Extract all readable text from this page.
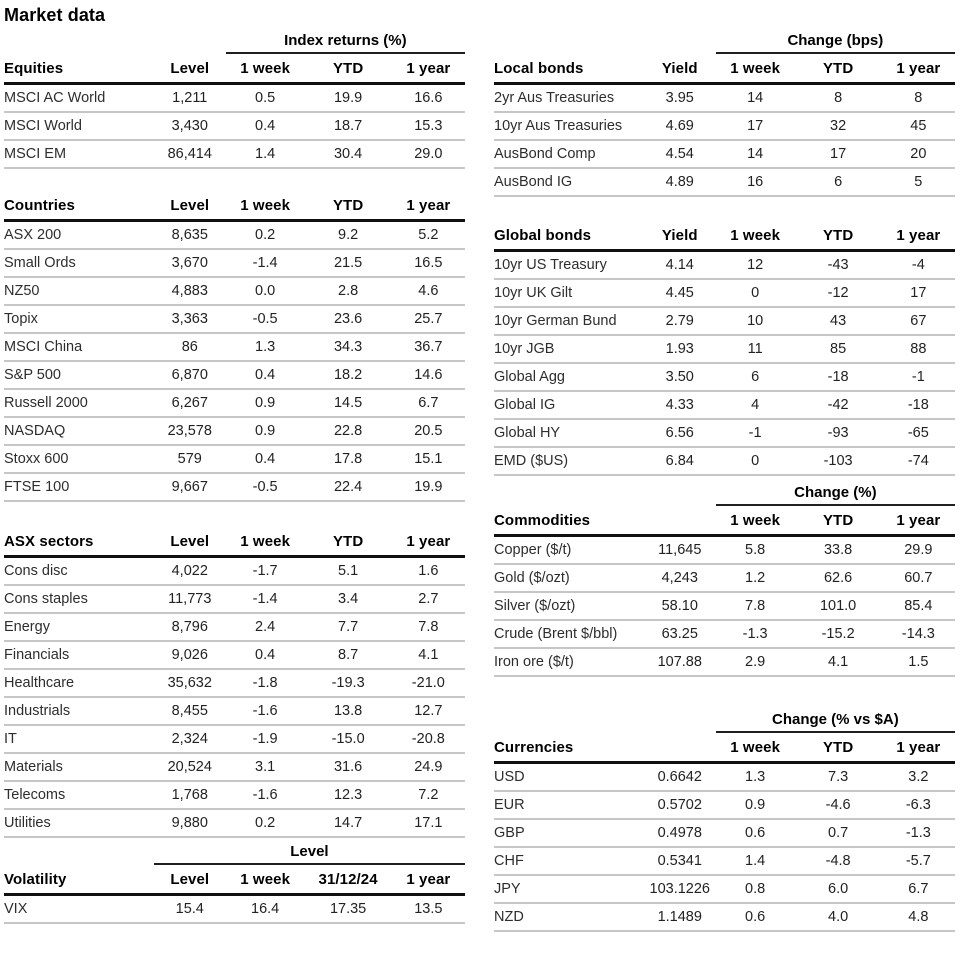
Market data
		Index returns (%)		
Equities	Level	1 week	YTD	1 year
MSCI AC World	1,211	0.5	19.9	16.6
MSCI World	3,430	0.4	18.7	15.3
MSCI EM	86,414	1.4	30.4	29.0
Countries	Level	1 week	YTD	1 year
ASX 200	8,635	0.2	9.2	5.2
Small Ords	3,670	-1.4	21.5	16.5
NZ50	4,883	0.0	2.8	4.6
Topix	3,363	-0.5	23.6	25.7
MSCI China	86	1.3	34.3	36.7
S&P 500	6,870	0.4	18.2	14.6
Russell 2000	6,267	0.9	14.5	6.7
NASDAQ	23,578	0.9	22.8	20.5
Stoxx 600	579	0.4	17.8	15.1
FTSE 100	9,667	-0.5	22.4	19.9
ASX sectors	Level	1 week	YTD	1 year
Cons disc	4,022	-1.7	5.1	1.6
Cons staples	11,773	-1.4	3.4	2.7
Energy	8,796	2.4	7.7	7.8
Financials	9,026	0.4	8.7	4.1
Healthcare	35,632	-1.8	-19.3	-21.0
Industrials	8,455	-1.6	13.8	12.7
IT	2,324	-1.9	-15.0	-20.8
Materials	20,524	3.1	31.6	24.9
Telecoms	1,768	-1.6	12.3	7.2
Utilities	9,880	0.2	14.7	17.1
	Level			
Volatility	Level	1 week	31/12/24	1 year
VIX	15.4	16.4	17.35	13.5
		Change (bps)		
Local bonds	Yield	1 week	YTD	1 year
2yr Aus Treasuries	3.95	14	8	8
10yr Aus Treasuries	4.69	17	32	45
AusBond Comp	4.54	14	17	20
AusBond IG	4.89	16	6	5
Global bonds	Yield	1 week	YTD	1 year
10yr US Treasury	4.14	12	-43	-4
10yr UK Gilt	4.45	0	-12	17
10yr German Bund	2.79	10	43	67
10yr JGB	1.93	11	85	88
Global Agg	3.50	6	-18	-1
Global IG	4.33	4	-42	-18
Global HY	6.56	-1	-93	-65
EMD ($US)	6.84	0	-103	-74
		Change (%)		
Commodities		1 week	YTD	1 year
Copper ($/t)	11,645	5.8	33.8	29.9
Gold ($/ozt)	4,243	1.2	62.6	60.7
Silver ($/ozt)	58.10	7.8	101.0	85.4
Crude (Brent $/bbl)	63.25	-1.3	-15.2	-14.3
Iron ore ($/t)	107.88	2.9	4.1	1.5
		Change (% vs $A)		
Currencies		1 week	YTD	1 year
USD	0.6642	1.3	7.3	3.2
EUR	0.5702	0.9	-4.6	-6.3
GBP	0.4978	0.6	0.7	-1.3
CHF	0.5341	1.4	-4.8	-5.7
JPY	103.1226	0.8	6.0	6.7
NZD	1.1489	0.6	4.0	4.8
